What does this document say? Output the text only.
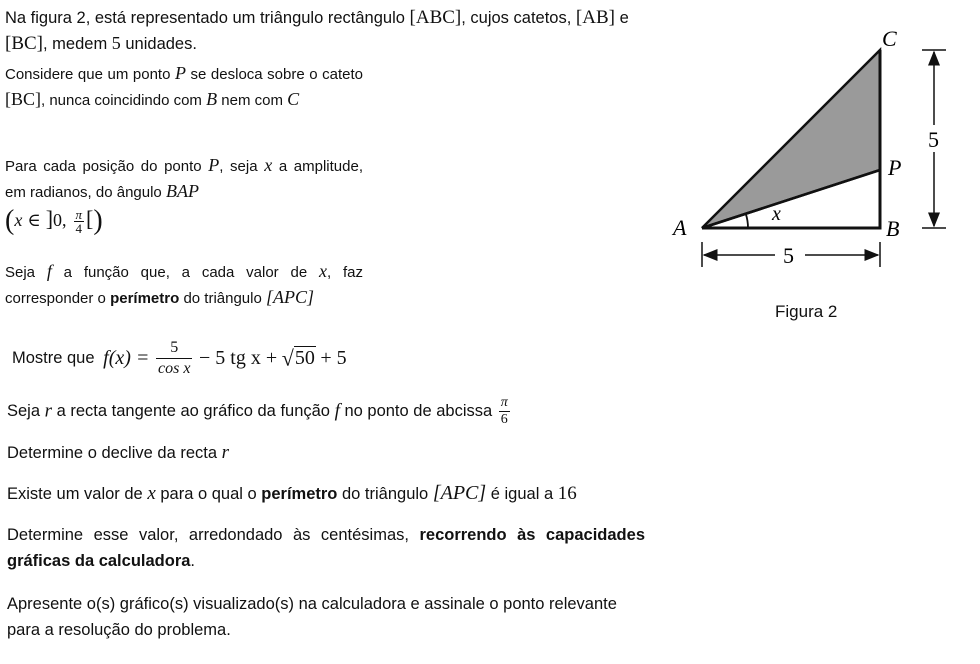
Na figura 2, está representado um triângulo rectângulo [ABC], cujos catetos, [AB] e

[BC], medem 5 unidades.

Considere que um ponto P se desloca sobre o cateto [BC], nunca coincidindo com B nem com C
Para cada posição do ponto P, seja x a amplitude, em radianos, do ângulo BAP
(x ∈ ]0, $\frac{\pi}{4}$ [)
Seja f a função que, a cada valor de x, faz corresponder o perímetro do triângulo [APC]
Mostre que $f(x) = \frac{5}{\text{cos x}} - 5$ tg x + √50 + 5
Seja r a recta tangente ao gráfico da função f no ponto de abcissa $\frac{\pi}{6}$
Determine o declive da recta r
Existe um valor de x para o qual o perímetro do triângulo [APC] é igual a 16
Determine esse valor, arredondado às centésimas, recorrendo às capacidades gráficas da calculadora.
Apresente o(s) gráfico(s) visualizado(s) na calculadora e assinale o ponto relevante para a resolução do problema.
A	B
C
P
x
5
5
Figura 2
